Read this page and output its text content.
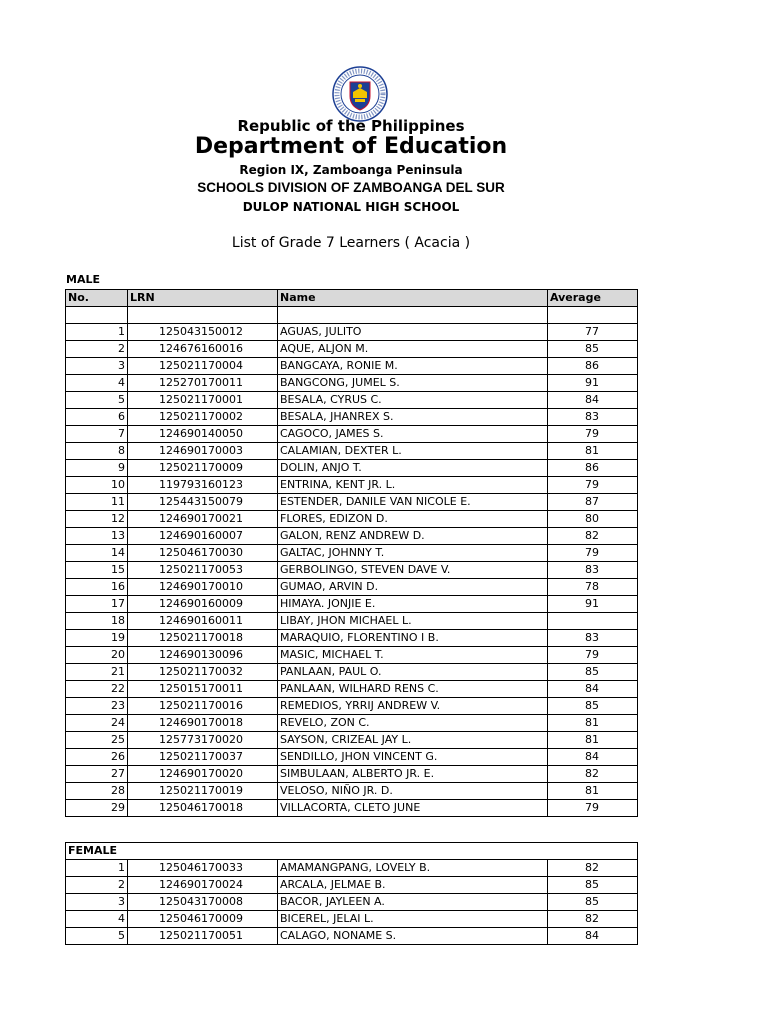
Republic of the Philippines
Department of Education
Region IX, Zamboanga Peninsula
SCHOOLS DIVISION OF ZAMBOANGA DEL SUR
DULOP NATIONAL HIGH SCHOOL
List of Grade 7 Learners ( Acacia )
MALE
No.	LRN	Name	Average

1	125043150012	AGUAS, JULITO	77
2	124676160016	AQUE, ALJON M.	85
3	125021170004	BANGCAYA, RONIE M.	86
4	125270170011	BANGCONG, JUMEL S.	91
5	125021170001	BESALA, CYRUS C.	84
6	125021170002	BESALA, JHANREX S.	83
7	124690140050	CAGOCO, JAMES S.	79
8	124690170003	CALAMIAN, DEXTER L.	81
9	125021170009	DOLIN, ANJO T.	86
10	119793160123	ENTRINA, KENT JR. L.	79
11	125443150079	ESTENDER, DANILE VAN NICOLE E.	87
12	124690170021	FLORES, EDIZON D.	80
13	124690160007	GALON, RENZ ANDREW D.	82
14	125046170030	GALTAC, JOHNNY T.	79
15	125021170053	GERBOLINGO, STEVEN DAVE V.	83
16	124690170010	GUMAO, ARVIN D.	78
17	124690160009	HIMAYA. JONJIE E.	91
18	124690160011	LIBAY, JHON MICHAEL L.	
19	125021170018	MARAQUIO, FLORENTINO I B.	83
20	124690130096	MASIC, MICHAEL T.	79
21	125021170032	PANLAAN, PAUL O.	85
22	125015170011	PANLAAN, WILHARD RENS C.	84
23	125021170016	REMEDIOS, YRRIJ ANDREW V.	85
24	124690170018	REVELO, ZON C.	81
25	125773170020	SAYSON, CRIZEAL JAY L.	81
26	125021170037	SENDILLO, JHON VINCENT G.	84
27	124690170020	SIMBULAAN, ALBERTO JR. E.	82
28	125021170019	VELOSO, NIÑO JR. D.	81
29	125046170018	VILLACORTA, CLETO JUNE	79
FEMALE			
1	125046170033	AMAMANGPANG, LOVELY B.	82
2	124690170024	ARCALA, JELMAE B.	85
3	125043170008	BACOR, JAYLEEN A.	85
4	125046170009	BICEREL, JELAI L.	82
5	125021170051	CALAGO, NONAME S.	84
